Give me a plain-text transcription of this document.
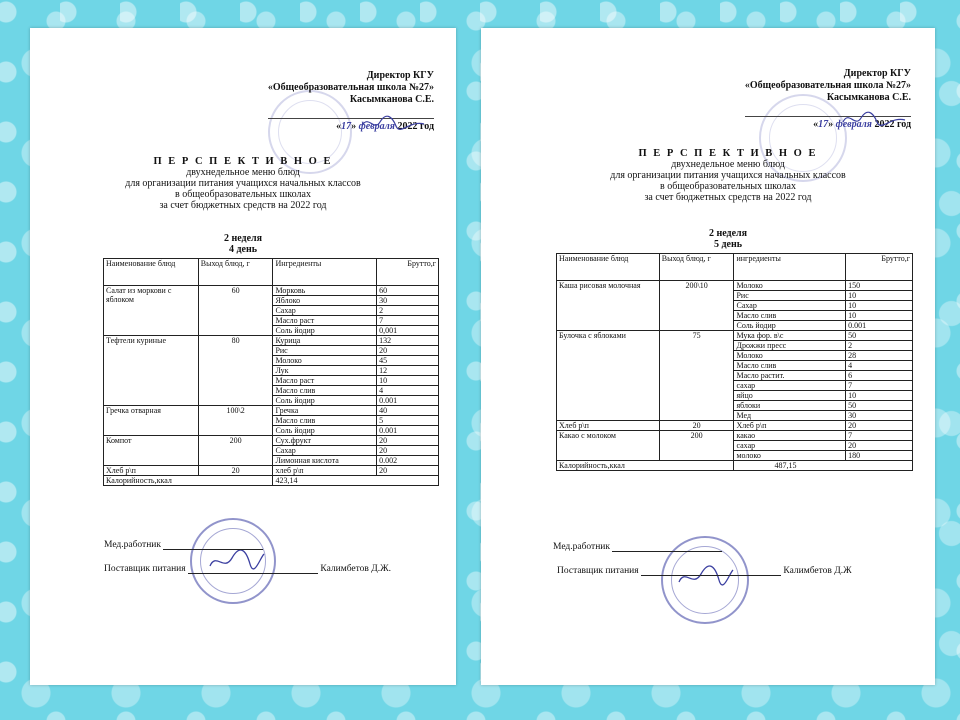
Директор КГУ
«Общеобразовательная школа №27»
Касымканова С.Е.
«17» февраля 2022 год
П Е Р С П Е К Т И В Н О Е
двухнедельное меню блюд
для организации питания учащихся начальных классов
в общеобразовательных школах
за счет бюджетных средств на 2022 год
2 неделя
4 день
Наименование блюд	Выход блюд, г	Ингредиенты	Брутто,г
Салат из моркови с яблоком	60	Морковь	60
		Яблоко	30
		Сахар	2
		Масло раст	7
		Соль йодир	0,001
Тефтели куриные	80	Курица	132
		Рис	20
		Молоко	45
		Лук	12
		Масло раст	10
		Масло слив	4
		Соль йодир	0.001
Гречка отварная	100\2	Гречка	40
		Масло слив	5
		Соль йодир	0.001
Компот	200	Сух.фрукт	20
		Сахар	20
		Лимонная кислота	0.002
Хлеб р\п	20	хлеб р\п	20
Калорийность,ккал		423,14	
Мед.работник
Поставщик питания	Калимбетов Д.Ж.
Директор КГУ
«Общеобразовательная школа №27»
Касымканова С.Е.
«17» февраля 2022 год
П Е Р С П Е К Т И В Н О Е
двухнедельное меню блюд
для организации питания учащихся начальных классов
в общеобразовательных школах
за счет бюджетных средств на 2022 год
2 неделя
5 день
Наименование блюд	Выход блюд, г	ингредиенты	Брутто,г
Каша рисовая молочная	200\10	Молоко	150
		Рис	10
		Сахар	10
		Масло слив	10
		Соль йодир	0.001
Булочка с яблоками	75	Мука фор. в\с	50
		Дрожжи пресс	2
		Молоко	28
		Масло слив	4
		Масло растит.	6
		сахар	7
		яйцо	10
		яблоки	50
		Мед	30
Хлеб р\п	20	Хлеб р\п	20
Какао с молоком	200	какао	7
		сахар	20
		молоко	180
Калорийность,ккал		487,15	
Мед.работник
Поставщик питания	Калимбетов Д.Ж
